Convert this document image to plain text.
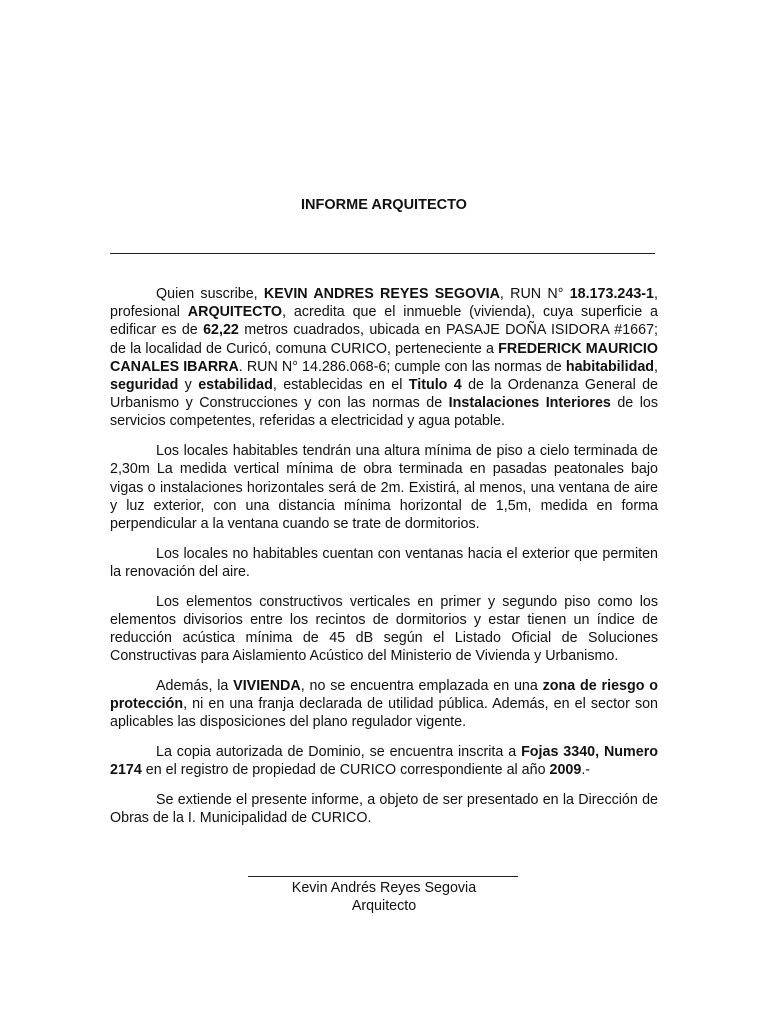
INFORME ARQUITECTO

Quien suscribe, KEVIN ANDRES REYES SEGOVIA, RUN N° 18.173.243-1, profesional ARQUITECTO, acredita que el inmueble (vivienda), cuya superficie a edificar es de 62,22 metros cuadrados, ubicada en PASAJE DOÑA ISIDORA #1667; de la localidad de Curicó, comuna CURICO, perteneciente a FREDERICK MAURICIO CANALES IBARRA. RUN N° 14.286.068-6; cumple con las normas de habitabilidad, seguridad y estabilidad, establecidas en el Titulo 4 de la Ordenanza General de Urbanismo y Construcciones y con las normas de Instalaciones Interiores de los servicios competentes, referidas a electricidad y agua potable.

Los locales habitables tendrán una altura mínima de piso a cielo terminada de 2,30m La medida vertical mínima de obra terminada en pasadas peatonales bajo vigas o instalaciones horizontales será de 2m. Existirá, al menos, una ventana de aire y luz exterior, con una distancia mínima horizontal de 1,5m, medida en forma perpendicular a la ventana cuando se trate de dormitorios.

Los locales no habitables cuentan con ventanas hacia el exterior que permiten la renovación del aire.

Los elementos constructivos verticales en primer y segundo piso como los elementos divisorios entre los recintos de dormitorios y estar tienen un índice de reducción acústica mínima de 45 dB según el Listado Oficial de Soluciones Constructivas para Aislamiento Acústico del Ministerio de Vivienda y Urbanismo.

Además, la VIVIENDA, no se encuentra emplazada en una zona de riesgo o protección, ni en una franja declarada de utilidad pública. Además, en el sector son aplicables las disposiciones del plano regulador vigente.

La copia autorizada de Dominio, se encuentra inscrita a Fojas 3340, Numero 2174 en el registro de propiedad de CURICO correspondiente al año 2009.-

Se extiende el presente informe, a objeto de ser presentado en la Dirección de Obras de la I. Municipalidad de CURICO.

Kevin Andrés Reyes Segovia
Arquitecto
